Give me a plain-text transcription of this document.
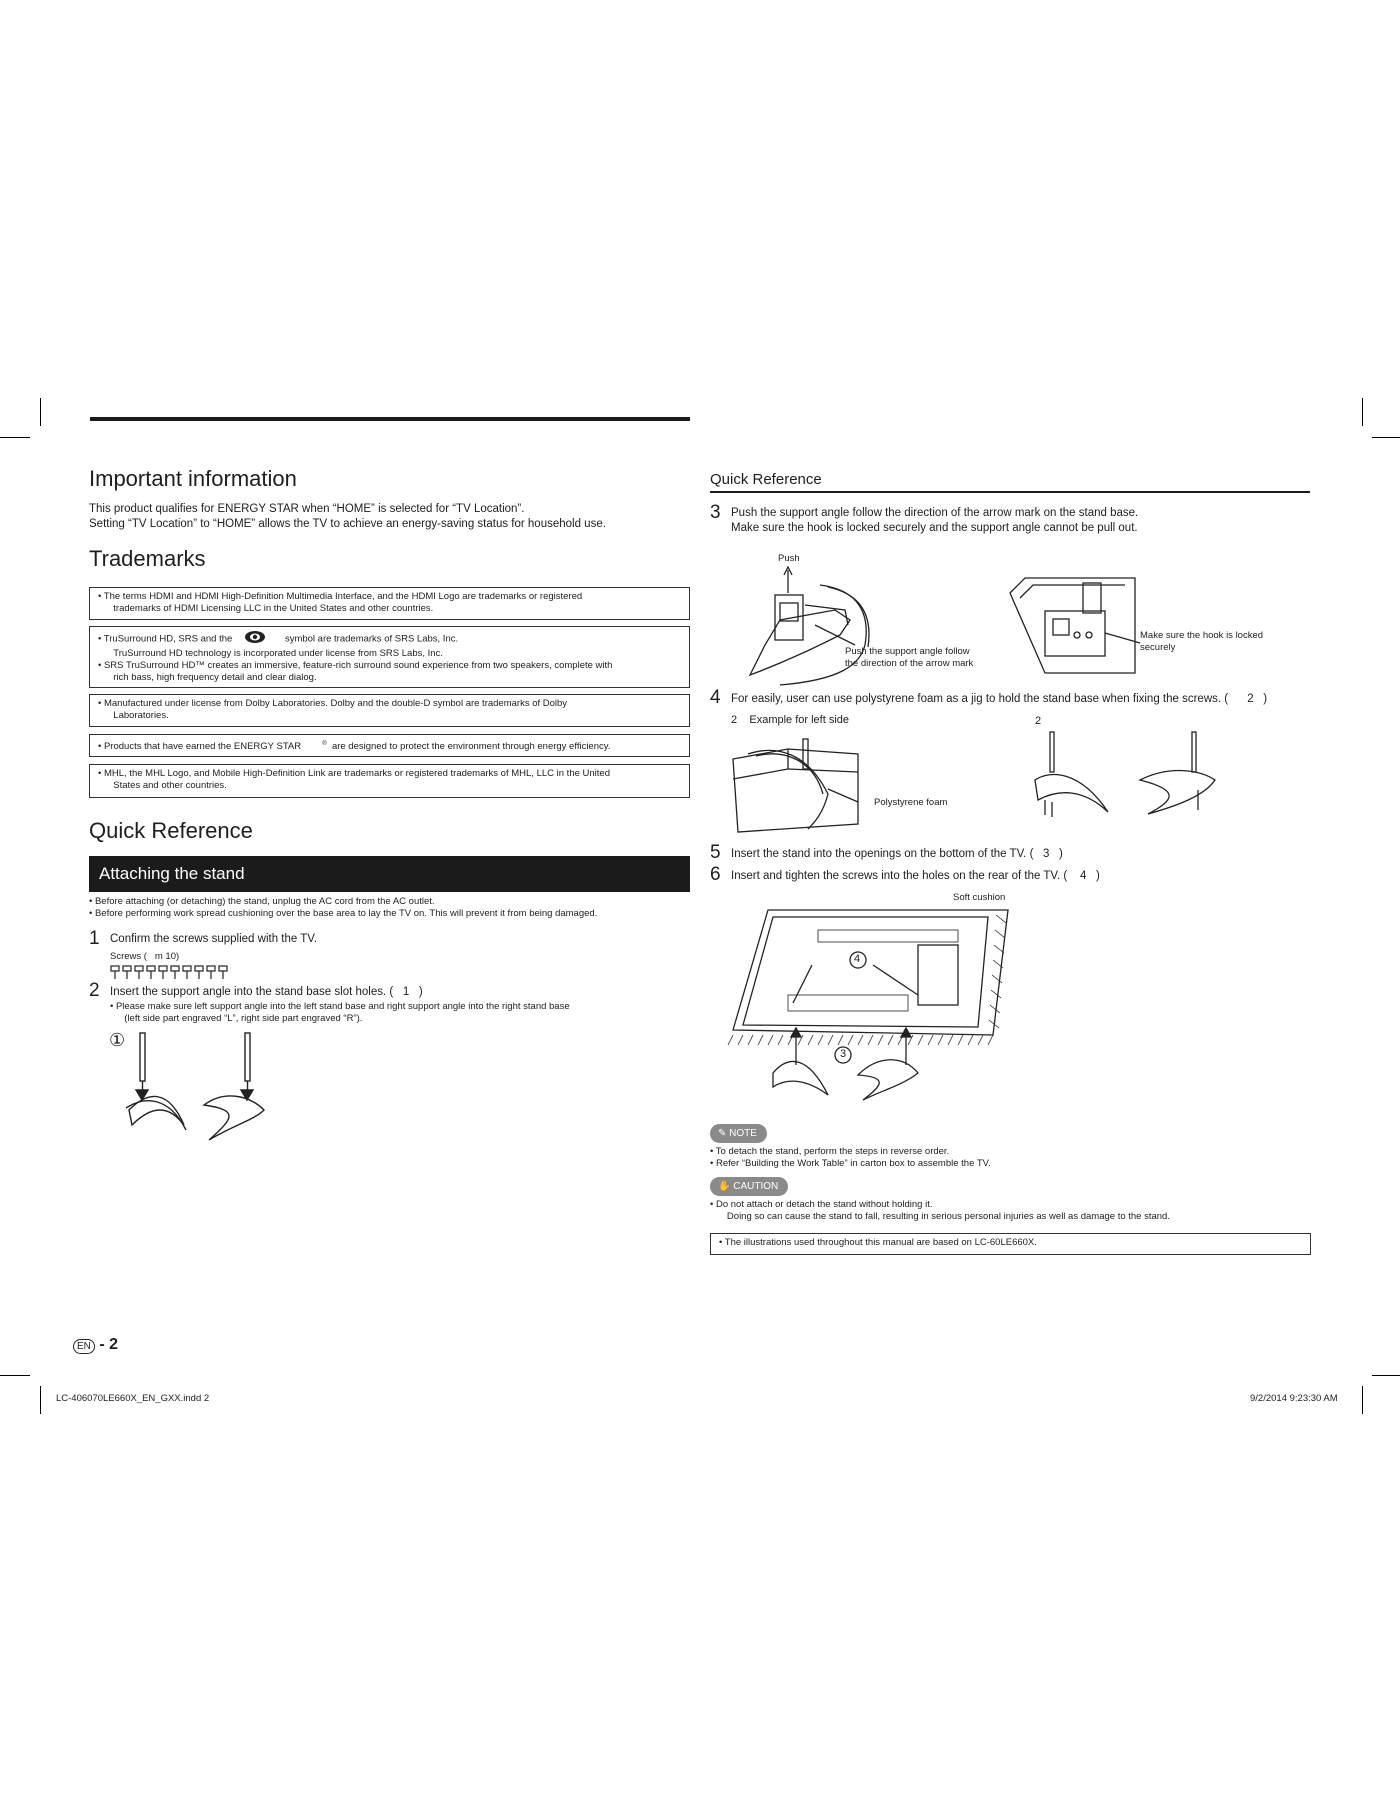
Important information
This product qualifies for ENERGY STAR when “HOME” is selected for “TV Location”.
Setting “TV Location” to “HOME” allows the TV to achieve an energy-saving status for household use.
Trademarks
• The terms HDMI and HDMI High-Definition Multimedia Interface, and the HDMI Logo are trademarks or registered
trademarks of HDMI Licensing LLC in the United States and other countries.
• TruSurround HD, SRS and the	symbol are trademarks of SRS Labs, Inc.
TruSurround HD technology is incorporated under license from SRS Labs, Inc.
• SRS TruSurround HD™ creates an immersive, feature-rich surround sound experience from two speakers, complete with
rich bass, high frequency detail and clear dialog.
• Manufactured under license from Dolby Laboratories. Dolby and the double-D symbol are trademarks of Dolby
Laboratories.
• Products that have earned the ENERGY STAR	® are designed to protect the environment through energy efficiency.
• MHL, the MHL Logo, and Mobile High-Definition Link are trademarks or registered trademarks of MHL, LLC in the United
States and other countries.
Quick Reference
Attaching the stand
• Before attaching (or detaching) the stand, unplug the AC cord from the AC outlet.
• Before performing work spread cushioning over the base area to lay the TV on. This will prevent it from being damaged.
1 Confirm the screws supplied with the TV.
Screws ( m 10)
2 Insert the support angle into the stand base slot holes. ( 1 )
• Please make sure left support angle into the left stand base and right support angle into the right stand base
(left side part engraved “L”, right side part engraved “R”).
①
EN - 2
LC-406070LE660X_EN_GXX.indd 2	9/2/2014 9:23:30 AM
Quick Reference
3 Push the support angle follow the direction of the arrow mark on the stand base.
Make sure the hook is locked securely and the support angle cannot be pull out.
Push
Push the support angle follow
the direction of the arrow mark
Make sure the hook is locked
securely
4 For easily, user can use polystyrene foam as a jig to hold the stand base when fixing the screws. ( 2 )
2 Example for left side	2
Polystyrene foam
5 Insert the stand into the openings on the bottom of the TV. ( 3 )
6 Insert and tighten the screws into the holes on the rear of the TV. ( 4 )
Soft cushion
4
3
✎ NOTE
• To detach the stand, perform the steps in reverse order.
• Refer “Building the Work Table” in carton box to assemble the TV.
✋ CAUTION
• Do not attach or detach the stand without holding it.
Doing so can cause the stand to fall, resulting in serious personal injuries as well as damage to the stand.
• The illustrations used throughout this manual are based on LC-60LE660X.
